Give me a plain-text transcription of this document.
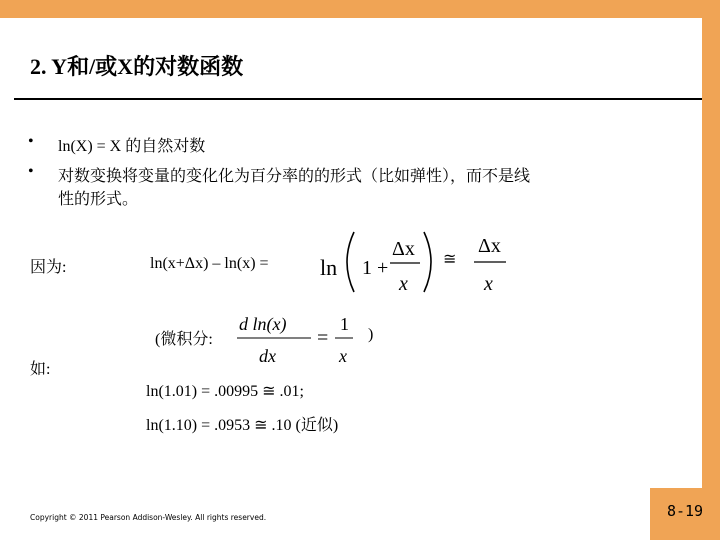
2. Y和/或X的对数函数
•	ln(X) = X 的自然对数
•	对数变换将变量的变化化为百分率的的形式（比如弹性），而不是线
性的形式。
因为:	ln(x+Δx) – ln(x) = ln 1 +
Δx
x
≅
Δx
x
(微积分:
d ln(x)
dx
=
1
x
)
如:
ln(1.01) = .00995 ≅ .01;
ln(1.10) = .0953 ≅ .10 (近似)
Copyright © 2011 Pearson Addison-Wesley. All rights reserved.	8-19
